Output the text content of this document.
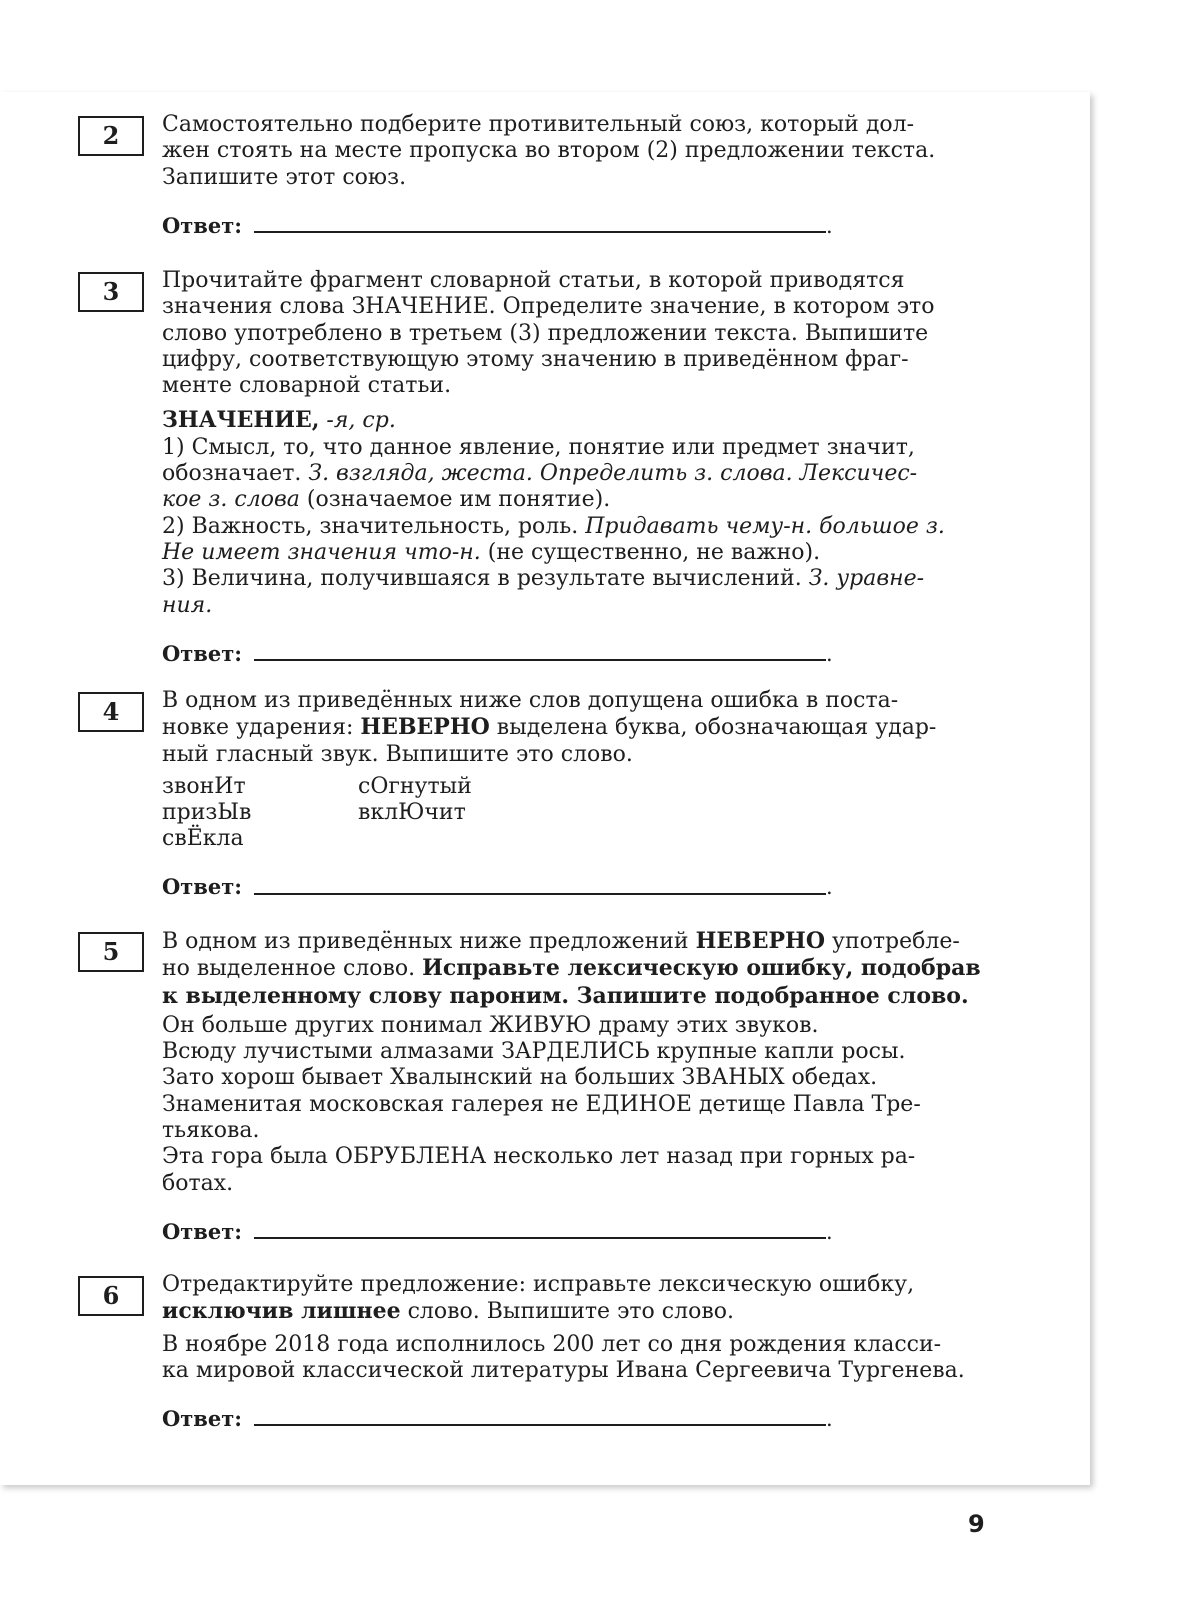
2	Самостоятельно подберите противительный союз, который дол-
жен стоять на месте пропуска во втором (2) предложении текста.
Запишите этот союз.
Ответ:	.
3	Прочитайте фрагмент словарной статьи, в которой приводятся
значения слова ЗНАЧЕНИЕ. Определите значение, в котором это
слово употреблено в третьем (3) предложении текста. Выпишите
цифру, соответствующую этому значению в приведённом фраг-
менте словарной статьи.
ЗНАЧЕНИЕ, -я, ср.
1) Смысл, то, что данное явление, понятие или предмет значит,
обозначает. З. взгляда, жеста. Определить з. слова. Лексичес-
кое з. слова (означаемое им понятие).
2) Важность, значительность, роль. Придавать чему-н. большое з.
Не имеет значения что-н. (не существенно, не важно).
3) Величина, получившаяся в результате вычислений. З. уравне-
ния.
Ответ:	.
4	В одном из приведённых ниже слов допущена ошибка в поста-
новке ударения: НЕВЕРНО выделена буква, обозначающая удар-
ный гласный звук. Выпишите это слово.
звонИт
призЫв
свЁкла
сОгнутый
вклЮчит
Ответ:	.
5	В одном из приведённых ниже предложений НЕВЕРНО употребле-
но выделенное слово. Исправьте лексическую ошибку, подобрав
к выделенному слову пароним. Запишите подобранное слово.
Он больше других понимал ЖИВУЮ драму этих звуков.
Всюду лучистыми алмазами ЗАРДЕЛИСЬ крупные капли росы.
Зато хорош бывает Хвалынский на больших ЗВАНЫХ обедах.
Знаменитая московская галерея не ЕДИНОЕ детище Павла Тре-
тьякова.
Эта гора была ОБРУБЛЕНА несколько лет назад при горных ра-
ботах.
Ответ:	.
6	Отредактируйте предложение: исправьте лексическую ошибку,
исключив лишнее слово. Выпишите это слово.
В ноябре 2018 года исполнилось 200 лет со дня рождения класси-
ка мировой классической литературы Ивана Сергеевича Тургенева.
Ответ:	.
9
